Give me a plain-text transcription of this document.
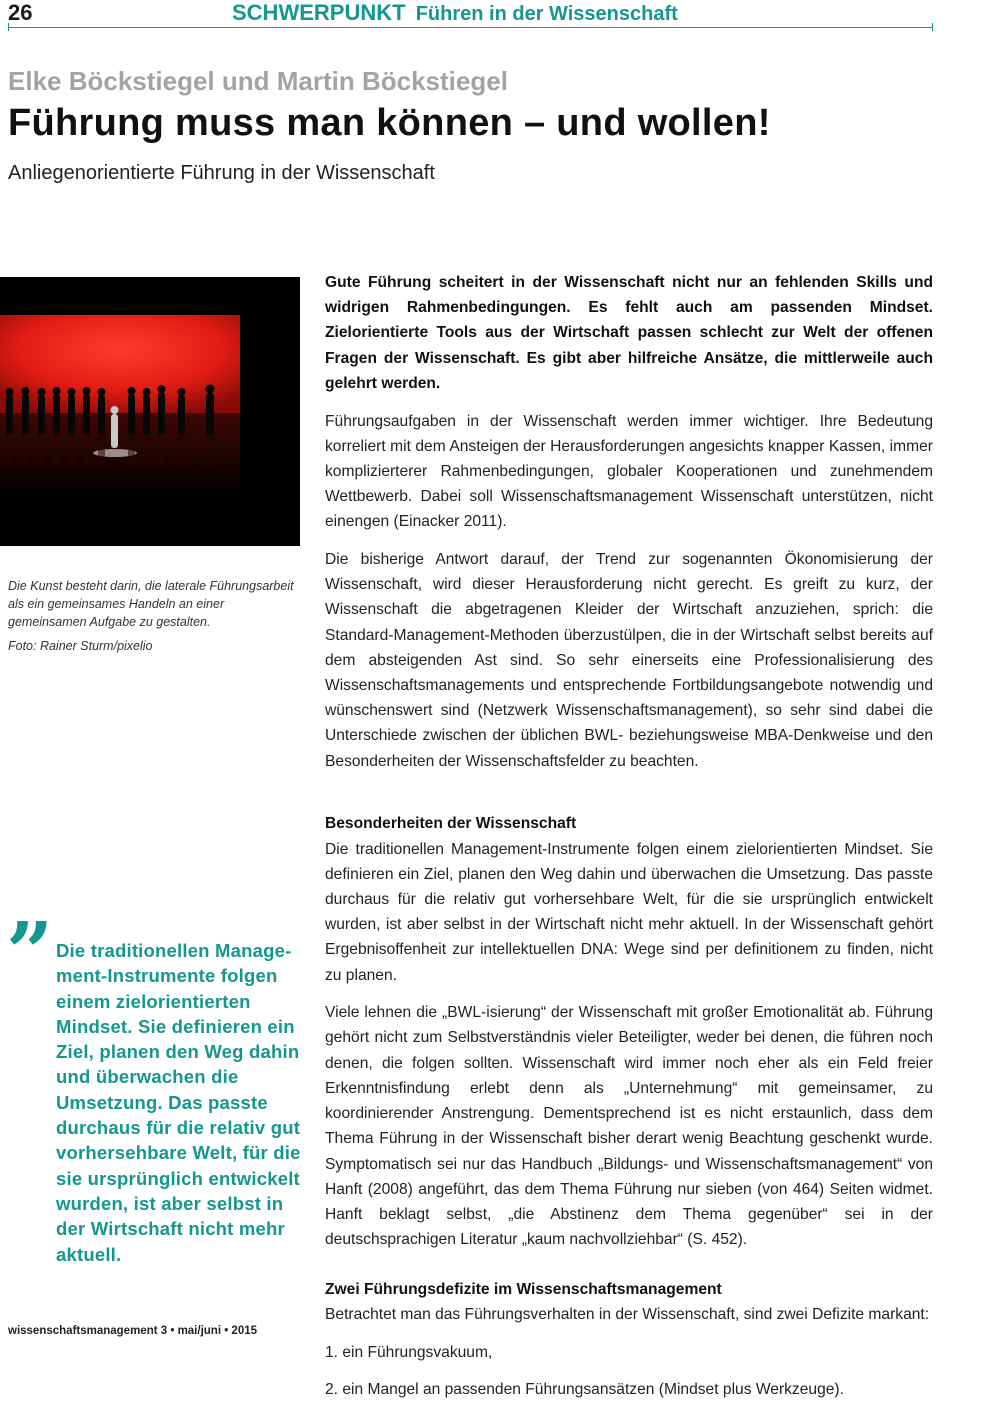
26	SCHWERPUNKT Führen in der Wissenschaft
Elke Böckstiegel und Martin Böckstiegel
Führung muss man können – und wollen!
Anliegenorientierte Führung in der Wissenschaft

Die Kunst besteht darin, die laterale Führungsarbeit als ein gemeinsames Handeln an einer gemeinsamen Aufgabe zu gestalten.

Foto: Rainer Sturm/pixelio

” Die traditionellen Management-Instrumente folgen einem zielorientierten Mindset. Sie definieren ein Ziel, planen den Weg dahin und überwachen die Umsetzung. Das passte durchaus für die relativ gut vorhersehbare Welt, für die sie ursprünglich entwickelt wurden, ist aber selbst in der Wirtschaft nicht mehr aktuell.

Gute Führung scheitert in der Wissenschaft nicht nur an fehlenden Skills und widrigen Rahmenbedingungen. Es fehlt auch am passenden Mindset. Zielorientierte Tools aus der Wirtschaft passen schlecht zur Welt der offenen Fragen der Wissenschaft. Es gibt aber hilfreiche Ansätze, die mittlerweile auch gelehrt werden.

Führungsaufgaben in der Wissenschaft werden immer wichtiger. Ihre Bedeutung korreliert mit dem Ansteigen der Herausforderungen angesichts knapper Kassen, immer komplizierterer Rahmenbedingungen, globaler Kooperationen und zunehmendem Wettbewerb. Dabei soll Wissenschaftsmanagement Wissenschaft unterstützen, nicht einengen (Einacker 2011).

Die bisherige Antwort darauf, der Trend zur sogenannten Ökonomisierung der Wissenschaft, wird dieser Herausforderung nicht gerecht. Es greift zu kurz, der Wissenschaft die abgetragenen Kleider der Wirtschaft anzuziehen, sprich: die Standard-Management-Methoden überzustülpen, die in der Wirtschaft selbst bereits auf dem absteigenden Ast sind. So sehr einerseits eine Professionalisierung des Wissenschaftsmanagements und entsprechende Fortbildungsangebote notwendig und wünschenswert sind (Netzwerk Wissenschaftsmanagement), so sehr sind dabei die Unterschiede zwischen der üblichen BWL- beziehungsweise MBA-Denkweise und den Besonderheiten der Wissenschaftsfelder zu beachten.

Besonderheiten der Wissenschaft

Die traditionellen Management-Instrumente folgen einem zielorientierten Mindset. Sie definieren ein Ziel, planen den Weg dahin und überwachen die Umsetzung. Das passte durchaus für die relativ gut vorhersehbare Welt, für die sie ursprünglich entwickelt wurden, ist aber selbst in der Wirtschaft nicht mehr aktuell. In der Wissenschaft gehört Ergebnisoffenheit zur intellektuellen DNA: Wege sind per definitionem zu finden, nicht zu planen.

Viele lehnen die „BWL-isierung“ der Wissenschaft mit großer Emotionalität ab. Führung gehört nicht zum Selbstverständnis vieler Beteiligter, weder bei denen, die führen noch denen, die folgen sollten. Wissenschaft wird immer noch eher als ein Feld freier Erkenntnisfindung erlebt denn als „Unternehmung“ mit gemeinsamer, zu koordinierender Anstrengung. Dementsprechend ist es nicht erstaunlich, dass dem Thema Führung in der Wissenschaft bisher derart wenig Beachtung geschenkt wurde. Symptomatisch sei nur das Handbuch „Bildungs- und Wissenschaftsmanagement“ von Hanft (2008) angeführt, das dem Thema Führung nur sieben (von 464) Seiten widmet. Hanft beklagt selbst, „die Abstinenz dem Thema gegenüber“ sei in der deutschsprachigen Literatur „kaum nachvollziehbar“ (S. 452).

Zwei Führungsdefizite im Wissenschaftsmanagement

Betrachtet man das Führungsverhalten in der Wissenschaft, sind zwei Defizite markant:

1. ein Führungsvakuum,
2. ein Mangel an passenden Führungsansätzen (Mindset plus Werkzeuge).
wissenschaftsmanagement 3 • mai/juni • 2015
